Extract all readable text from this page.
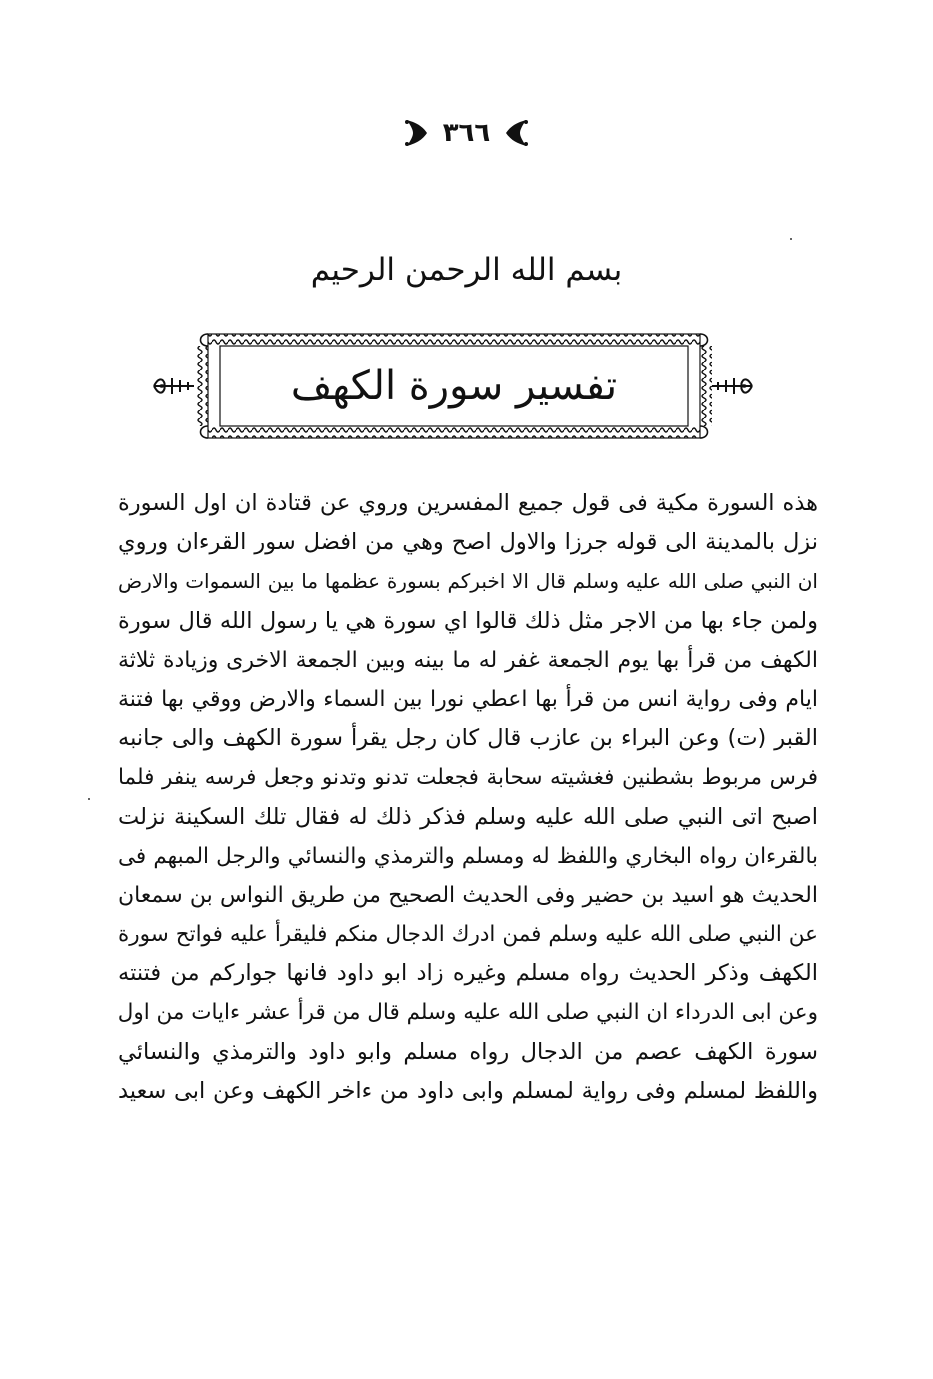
٣٦٦
بسم الله الرحمن الرحيم
تفسير سورة الكهف
هذه السورة مكية فى قول جميع المفسرين وروي عن قتادة ان اول السورة
نزل بالمدينة الى قوله جرزا والاول اصح وهي من افضل سور القرءان وروي
ان النبي صلى الله عليه وسلم قال الا اخبركم بسورة عظمها ما بين السموات والارض
ولمن جاء بها من الاجر مثل ذلك قالوا اي سورة هي يا رسول الله قال سورة
الكهف من قرأ بها يوم الجمعة غفر له ما بينه وبين الجمعة الاخرى وزيادة ثلاثة
ايام وفى رواية انس من قرأ بها اعطي نورا بين السماء والارض ووقي بها فتنة
القبر (ت) وعن البراء بن عازب قال كان رجل يقرأ سورة الكهف والى جانبه
فرس مربوط بشطنين فغشيته سحابة فجعلت تدنو وتدنو وجعل فرسه ينفر فلما
اصبح اتى النبي صلى الله عليه وسلم فذكر ذلك له فقال تلك السكينة نزلت
بالقرءان رواه البخاري واللفظ له ومسلم والترمذي والنسائي والرجل المبهم فى
الحديث هو اسيد بن حضير وفى الحديث الصحيح من طريق النواس بن سمعان
عن النبي صلى الله عليه وسلم فمن ادرك الدجال منكم فليقرأ عليه فواتح سورة
الكهف وذكر الحديث رواه مسلم وغيره زاد ابو داود فانها جواركم من فتنته
وعن ابى الدرداء ان النبي صلى الله عليه وسلم قال من قرأ عشر ءايات من اول
سورة الكهف عصم من الدجال رواه مسلم وابو داود والترمذي والنسائي
واللفظ لمسلم وفى رواية لمسلم وابى داود من ءاخر الكهف وعن ابى سعيد
